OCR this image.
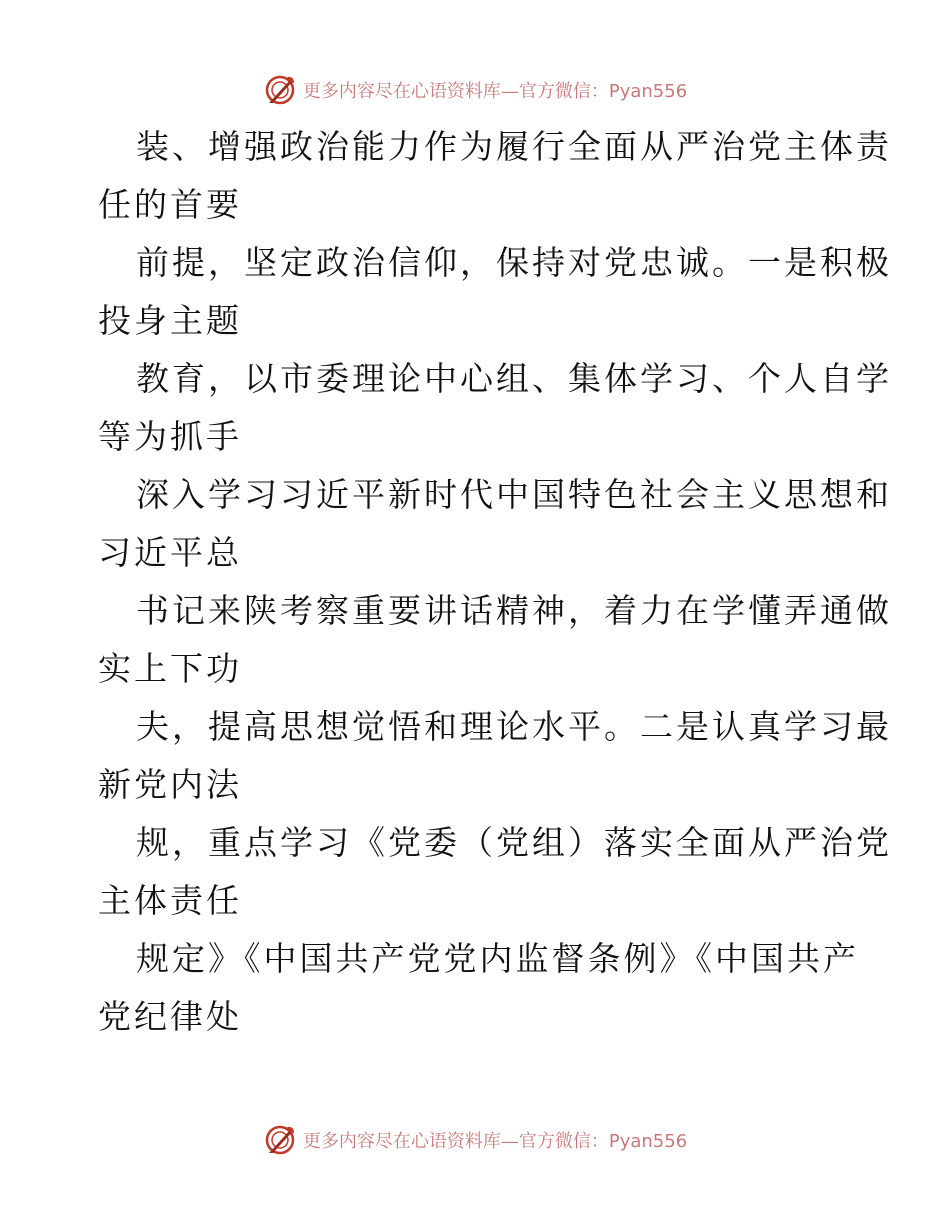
更多内容尽在心语资料库—官方微信：Pyan556
装、增强政治能力作为履行全面从严治党主体责
任的首要
前提，坚定政治信仰，保持对党忠诚。一是积极
投身主题
教育，以市委理论中心组、集体学习、个人自学
等为抓手
深入学习习近平新时代中国特色社会主义思想和
习近平总
书记来陕考察重要讲话精神，着力在学懂弄通做
实上下功
夫，提高思想觉悟和理论水平。二是认真学习最
新党内法
规，重点学习《党委（党组）落实全面从严治党
主体责任
规定》《中国共产党党内监督条例》《中国共产
党纪律处
更多内容尽在心语资料库—官方微信：Pyan556
